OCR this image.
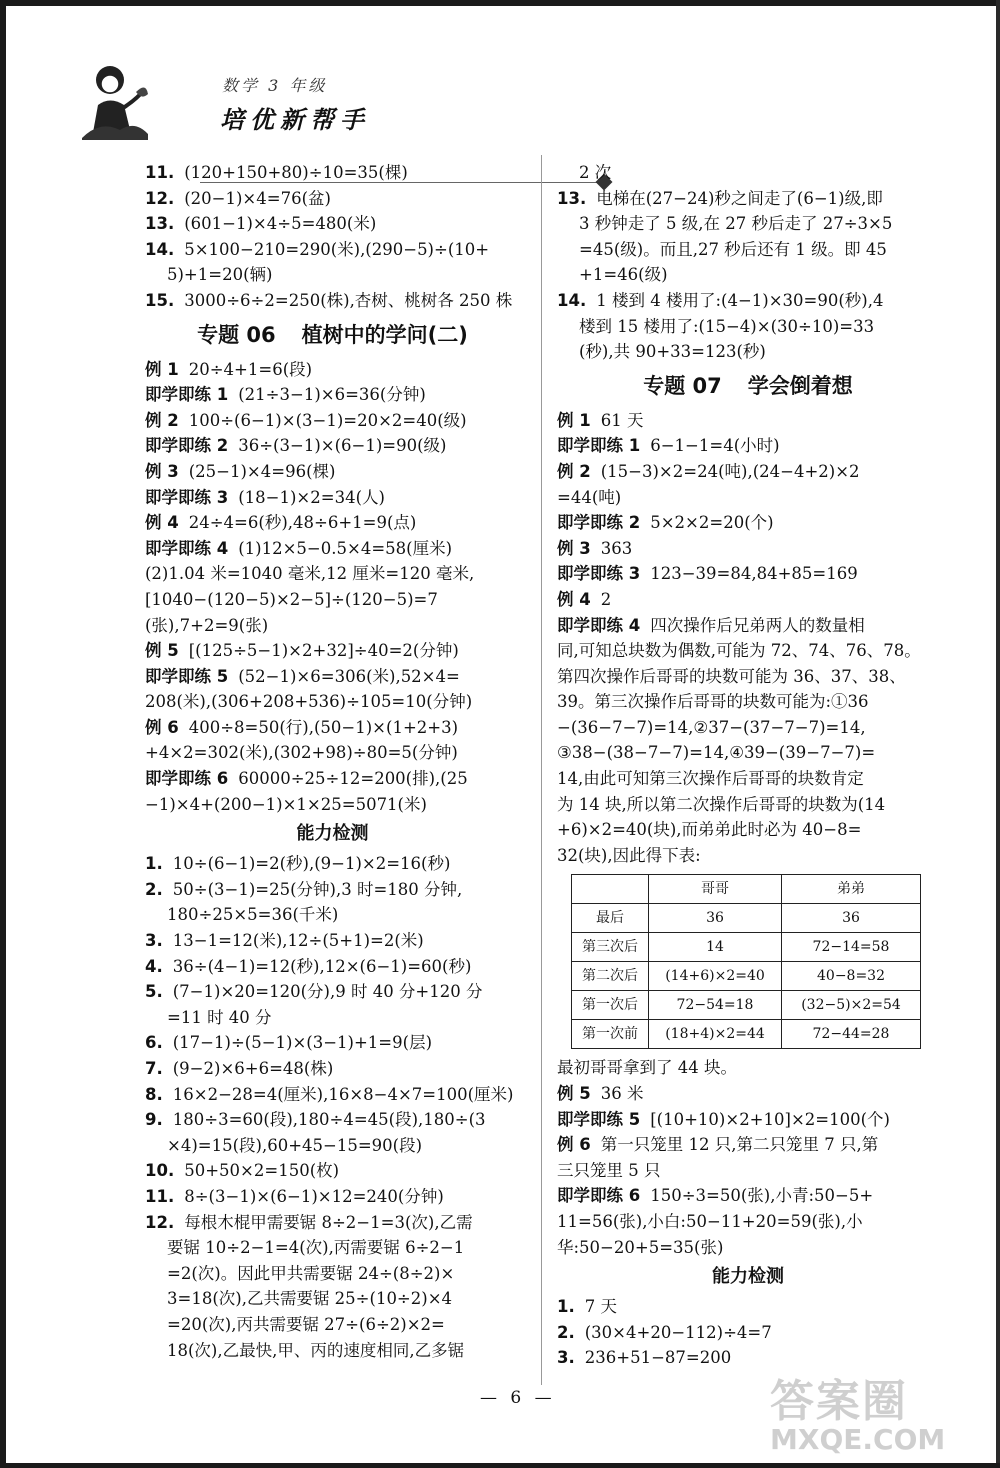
数学 3 年级
培优新帮手
11. (120+150+80)÷10=35(棵)
12. (20−1)×4=76(盆)
13. (601−1)×4÷5=480(米)
14. 5×100−210=290(米),(290−5)÷(10+
5)+1=20(辆)
15. 3000÷6÷2=250(株),杏树、桃树各 250 株
专题 06 植树中的学问(二)
例 1 20÷4+1=6(段)
即学即练 1 (21÷3−1)×6=36(分钟)
例 2 100÷(6−1)×(3−1)=20×2=40(级)
即学即练 2 36÷(3−1)×(6−1)=90(级)
例 3 (25−1)×4=96(棵)
即学即练 3 (18−1)×2=34(人)
例 4 24÷4=6(秒),48÷6+1=9(点)
即学即练 4 (1)12×5−0.5×4=58(厘米)
(2)1.04 米=1040 毫米,12 厘米=120 毫米,
[1040−(120−5)×2−5]÷(120−5)=7
(张),7+2=9(张)
例 5 [(125÷5−1)×2+32]÷40=2(分钟)
即学即练 5 (52−1)×6=306(米),52×4=
208(米),(306+208+536)÷105=10(分钟)
例 6 400÷8=50(行),(50−1)×(1+2+3)
+4×2=302(米),(302+98)÷80=5(分钟)
即学即练 6 60000÷25÷12=200(排),(25
−1)×4+(200−1)×1×25=5071(米)
能力检测
1. 10÷(6−1)=2(秒),(9−1)×2=16(秒)
2. 50÷(3−1)=25(分钟),3 时=180 分钟,
180÷25×5=36(千米)
3. 13−1=12(米),12÷(5+1)=2(米)
4. 36÷(4−1)=12(秒),12×(6−1)=60(秒)
5. (7−1)×20=120(分),9 时 40 分+120 分
=11 时 40 分
6. (17−1)÷(5−1)×(3−1)+1=9(层)
7. (9−2)×6+6=48(株)
8. 16×2−28=4(厘米),16×8−4×7=100(厘米)
9. 180÷3=60(段),180÷4=45(段),180÷(3
×4)=15(段),60+45−15=90(段)
10. 50+50×2=150(枚)
11. 8÷(3−1)×(6−1)×12=240(分钟)
12. 每根木棍甲需要锯 8÷2−1=3(次),乙需
要锯 10÷2−1=4(次),丙需要锯 6÷2−1
=2(次)。因此甲共需要锯 24÷(8÷2)×
3=18(次),乙共需要锯 25÷(10÷2)×4
=20(次),丙共需要锯 27÷(6÷2)×2=
18(次),乙最快,甲、丙的速度相同,乙多锯
2 次
13. 电梯在(27−24)秒之间走了(6−1)级,即
3 秒钟走了 5 级,在 27 秒后走了 27÷3×5
=45(级)。而且,27 秒后还有 1 级。即 45
+1=46(级)
14. 1 楼到 4 楼用了:(4−1)×30=90(秒),4
楼到 15 楼用了:(15−4)×(30÷10)=33
(秒),共 90+33=123(秒)
专题 07 学会倒着想
例 1 61 天
即学即练 1 6−1−1=4(小时)
例 2 (15−3)×2=24(吨),(24−4+2)×2
=44(吨)
即学即练 2 5×2×2=20(个)
例 3 363
即学即练 3 123−39=84,84+85=169
例 4 2
即学即练 4 四次操作后兄弟两人的数量相
同,可知总块数为偶数,可能为 72、74、76、78。
第四次操作后哥哥的块数可能为 36、37、38、
39。第三次操作后哥哥的块数可能为:①36
−(36−7−7)=14,②37−(37−7−7)=14,
③38−(38−7−7)=14,④39−(39−7−7)=
14,由此可知第三次操作后哥哥的块数肯定
为 14 块,所以第二次操作后哥哥的块数为(14
+6)×2=40(块),而弟弟此时必为 40−8=
32(块),因此得下表:
	哥哥	弟弟
最后	36	36
第三次后	14	72−14=58
第二次后	(14+6)×2=40	40−8=32
第一次后	72−54=18	(32−5)×2=54
第一次前	(18+4)×2=44	72−44=28
最初哥哥拿到了 44 块。
例 5 36 米
即学即练 5 [(10+10)×2+10]×2=100(个)
例 6 第一只笼里 12 只,第二只笼里 7 只,第
三只笼里 5 只
即学即练 6 150÷3=50(张),小青:50−5+
11=56(张),小白:50−11+20=59(张),小
华:50−20+5=35(张)
能力检测
1. 7 天
2. (30×4+20−112)÷4=7
3. 236+51−87=200
— 6 —	答案圈
MXQE.COM
